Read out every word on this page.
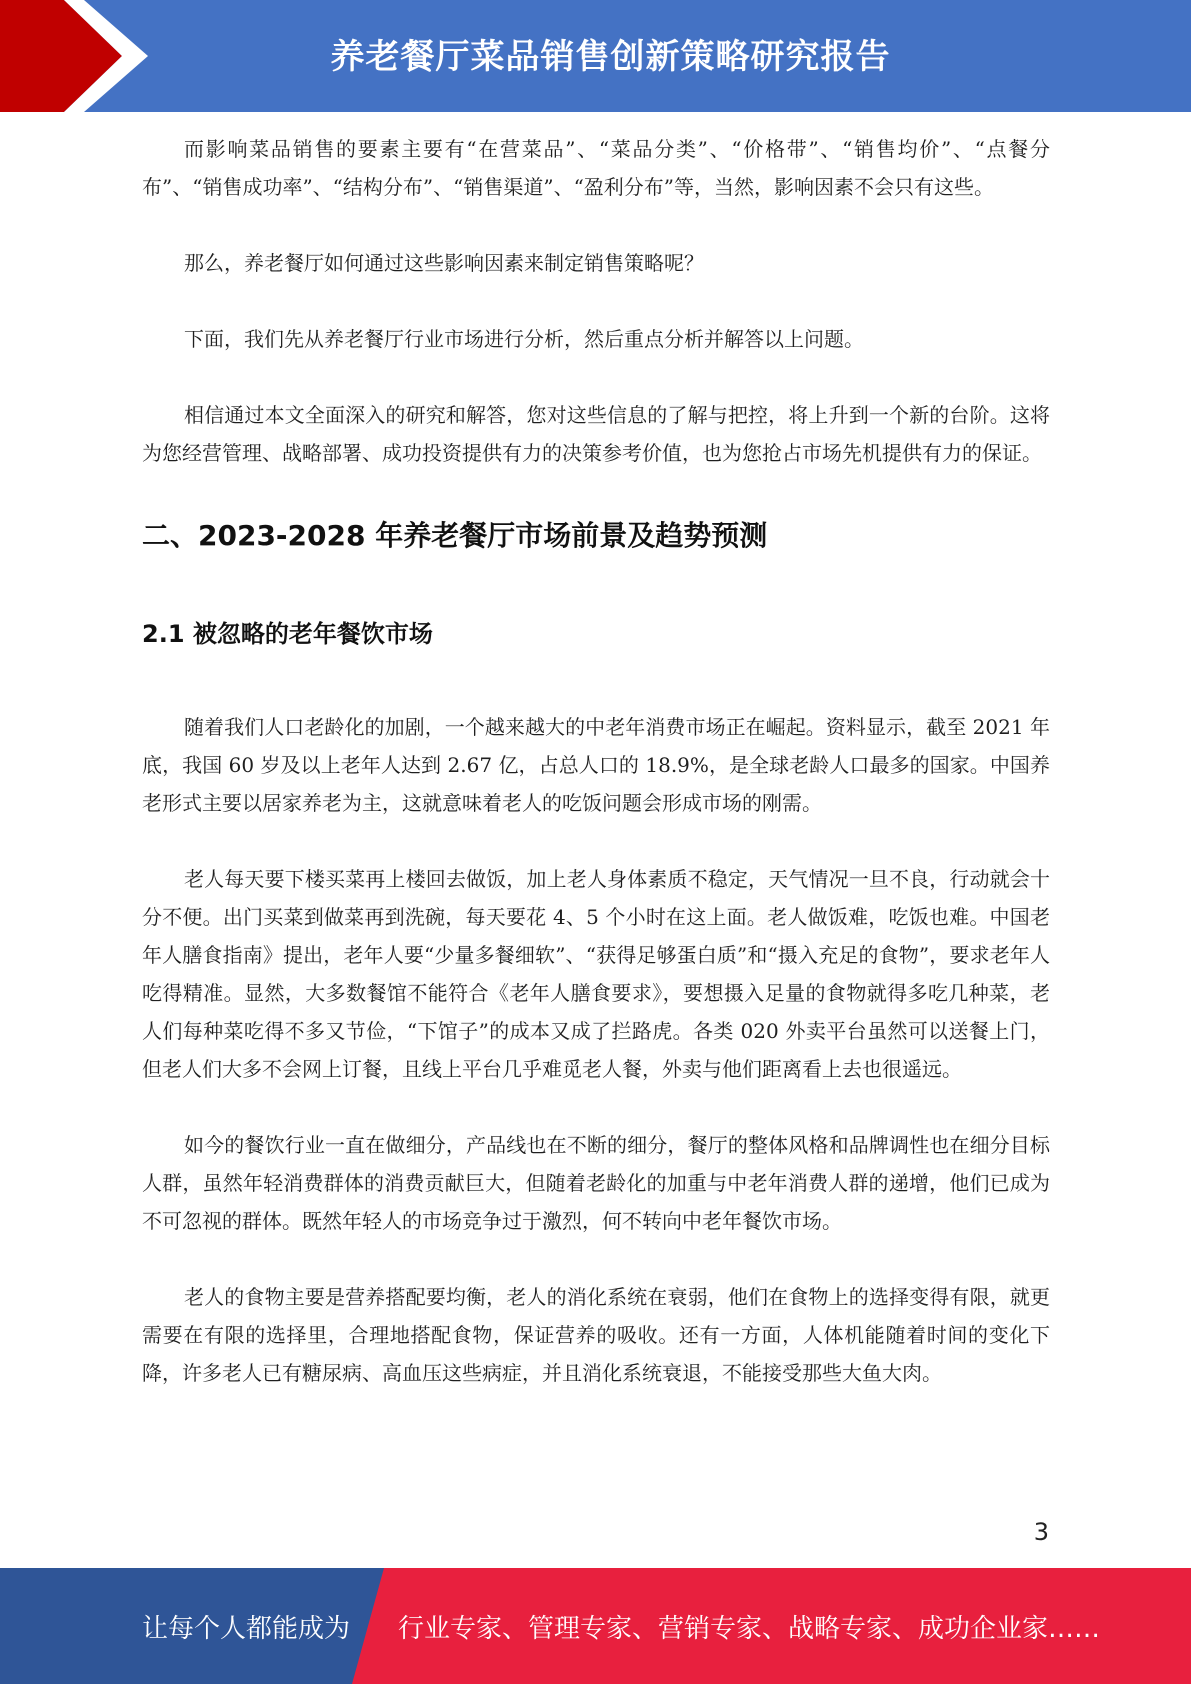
养老餐厅菜品销售创新策略研究报告

而影响菜品销售的要素主要有“在营菜品”、“菜品分类”、“价格带”、“销售均价”、“点餐分布”、“销售成功率”、“结构分布”、“销售渠道”、“盈利分布”等，当然，影响因素不会只有这些。

那么，养老餐厅如何通过这些影响因素来制定销售策略呢？

下面，我们先从养老餐厅行业市场进行分析，然后重点分析并解答以上问题。

相信通过本文全面深入的研究和解答，您对这些信息的了解与把控，将上升到一个新的台阶。这将为您经营管理、战略部署、成功投资提供有力的决策参考价值，也为您抢占市场先机提供有力的保证。

二、2023-2028 年养老餐厅市场前景及趋势预测
2.1 被忽略的老年餐饮市场

随着我们人口老龄化的加剧，一个越来越大的中老年消费市场正在崛起。资料显示，截至 2021 年底，我国 60 岁及以上老年人达到 2.67 亿，占总人口的 18.9%，是全球老龄人口最多的国家。中国养老形式主要以居家养老为主，这就意味着老人的吃饭问题会形成市场的刚需。

老人每天要下楼买菜再上楼回去做饭，加上老人身体素质不稳定，天气情况一旦不良，行动就会十分不便。出门买菜到做菜再到洗碗，每天要花 4、5 个小时在这上面。老人做饭难，吃饭也难。中国老年人膳食指南》提出，老年人要“少量多餐细软”、“获得足够蛋白质”和“摄入充足的食物”，要求老年人吃得精准。显然，大多数餐馆不能符合《老年人膳食要求》，要想摄入足量的食物就得多吃几种菜，老人们每种菜吃得不多又节俭，“下馆子”的成本又成了拦路虎。各类 020 外卖平台虽然可以送餐上门，但老人们大多不会网上订餐，且线上平台几乎难觅老人餐，外卖与他们距离看上去也很遥远。

如今的餐饮行业一直在做细分，产品线也在不断的细分，餐厅的整体风格和品牌调性也在细分目标人群，虽然年轻消费群体的消费贡献巨大，但随着老龄化的加重与中老年消费人群的递增，他们已成为不可忽视的群体。既然年轻人的市场竞争过于激烈，何不转向中老年餐饮市场。

老人的食物主要是营养搭配要均衡，老人的消化系统在衰弱，他们在食物上的选择变得有限，就更需要在有限的选择里，合理地搭配食物，保证营养的吸收。还有一方面，人体机能随着时间的变化下降，许多老人已有糖尿病、高血压这些病症，并且消化系统衰退，不能接受那些大鱼大肉。

3
让每个人都能成为 行业专家、管理专家、营销专家、战略专家、成功企业家……
